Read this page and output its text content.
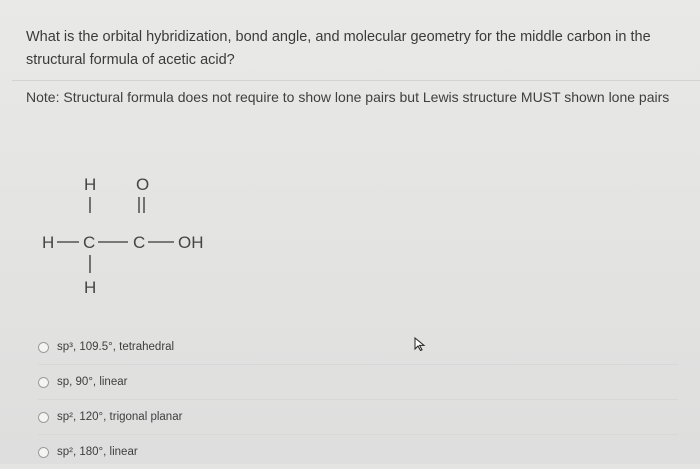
What is the orbital hybridization, bond angle, and molecular geometry for the middle carbon in the structural formula of acetic acid?

Note: Structural formula does not require to show lone pairs but Lewis structure MUST shown lone pairs

H O
H C C OH
H
sp³, 109.5°, tetrahedral
sp, 90°, linear
sp², 120°, trigonal planar
sp², 180°, linear
